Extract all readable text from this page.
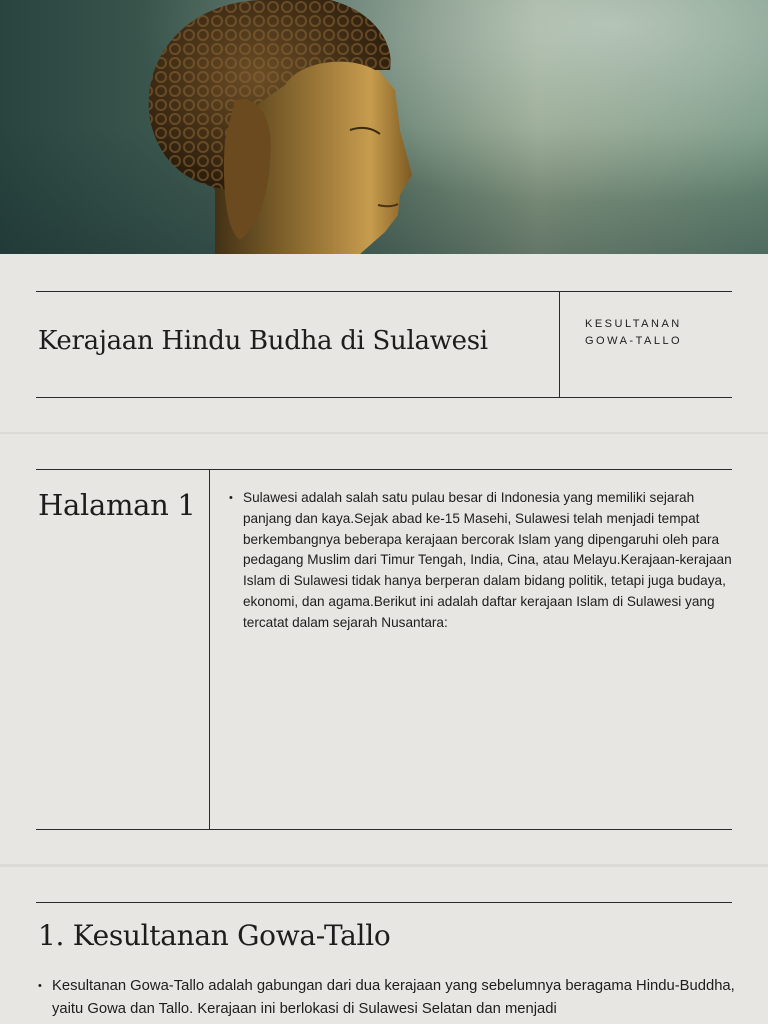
Kerajaan Hindu Budha di Sulawesi
KESULTANAN
GOWA-TALLO
Halaman 1	• Sulawesi adalah salah satu pulau besar di Indonesia yang memiliki sejarah panjang dan kaya.Sejak abad ke-15 Masehi, Sulawesi telah menjadi tempat berkembangnya beberapa kerajaan bercorak Islam yang dipengaruhi oleh para pedagang Muslim dari Timur Tengah, India, Cina, atau Melayu.Kerajaan-kerajaan Islam di Sulawesi tidak hanya berperan dalam bidang politik, tetapi juga budaya, ekonomi, dan agama.Berikut ini adalah daftar kerajaan Islam di Sulawesi yang tercatat dalam sejarah Nusantara:
1. Kesultanan Gowa-Tallo
• Kesultanan Gowa-Tallo adalah gabungan dari dua kerajaan yang sebelumnya beragama Hindu-Buddha, yaitu Gowa dan Tallo. Kerajaan ini berlokasi di Sulawesi Selatan dan menjadi
